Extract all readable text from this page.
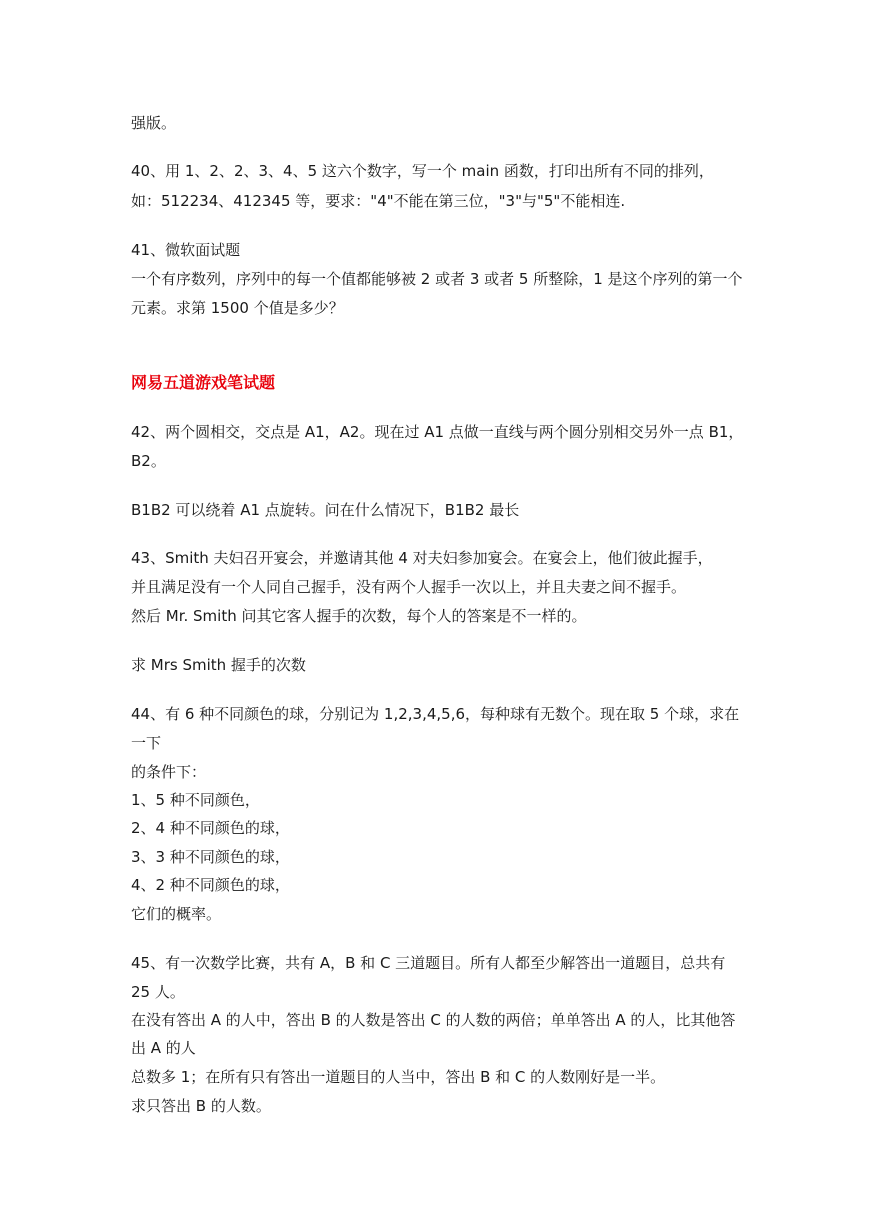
强版。
40、用 1、2、2、3、4、5 这六个数字，写一个 main 函数，打印出所有不同的排列，
如：512234、412345 等，要求："4"不能在第三位，"3"与"5"不能相连.
41、微软面试题
一个有序数列，序列中的每一个值都能够被 2 或者 3 或者 5 所整除，1 是这个序列的第一个
元素。求第 1500 个值是多少？
网易五道游戏笔试题
42、两个圆相交，交点是 A1，A2。现在过 A1 点做一直线与两个圆分别相交另外一点 B1，
B2。
B1B2 可以绕着 A1 点旋转。问在什么情况下，B1B2 最长
43、Smith 夫妇召开宴会，并邀请其他 4 对夫妇参加宴会。在宴会上，他们彼此握手，
并且满足没有一个人同自己握手，没有两个人握手一次以上，并且夫妻之间不握手。
然后 Mr. Smith 问其它客人握手的次数，每个人的答案是不一样的。
求 Mrs Smith 握手的次数
44、有 6 种不同颜色的球，分别记为 1,2,3,4,5,6，每种球有无数个。现在取 5 个球，求在
一下
的条件下：
1、5 种不同颜色，
2、4 种不同颜色的球，
3、3 种不同颜色的球，
4、2 种不同颜色的球，
它们的概率。
45、有一次数学比赛，共有 A，B 和 C 三道题目。所有人都至少解答出一道题目，总共有
25 人。
在没有答出 A 的人中，答出 B 的人数是答出 C 的人数的两倍；单单答出 A 的人，比其他答
出 A 的人
总数多 1；在所有只有答出一道题目的人当中，答出 B 和 C 的人数刚好是一半。
求只答出 B 的人数。
